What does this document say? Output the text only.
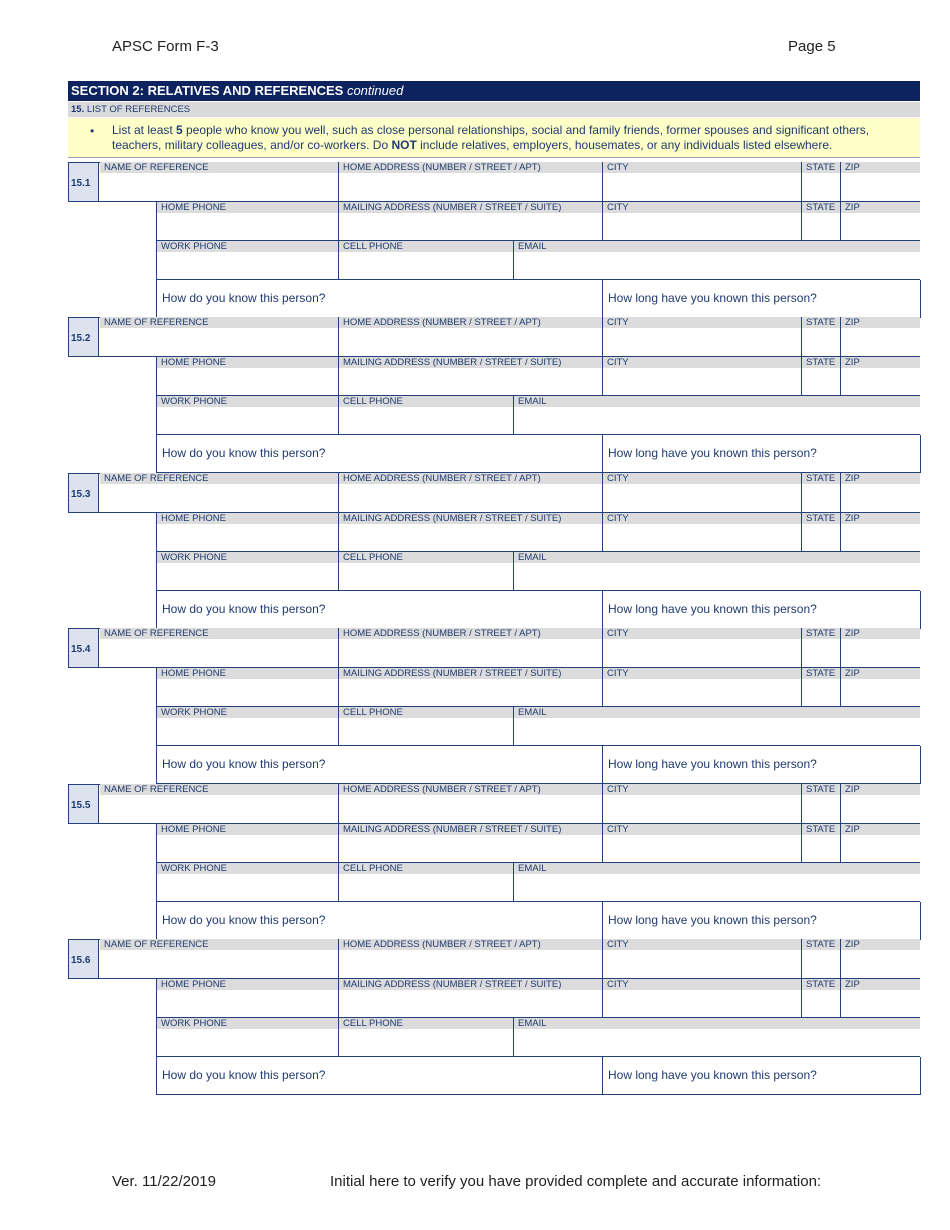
APSC Form F-3	Page 5
SECTION 2: RELATIVES AND REFERENCES continued
15. LIST OF REFERENCES
• List at least 5 people who know you well, such as close personal relationships, social and family friends, former spouses and significant others, teachers, military colleagues, and/or co-workers. Do NOT include relatives, employers, housemates, or any individuals listed elsewhere.
15.1
NAME OF REFERENCE	HOME ADDRESS (NUMBER / STREET / APT)	CITY	STATE	ZIP
HOME PHONE	MAILING ADDRESS (NUMBER / STREET / SUITE)	CITY	STATE	ZIP
WORK PHONE	CELL PHONE	EMAIL
How do you know this person?	How long have you known this person?
15.2
NAME OF REFERENCE	HOME ADDRESS (NUMBER / STREET / APT)	CITY	STATE	ZIP
HOME PHONE	MAILING ADDRESS (NUMBER / STREET / SUITE)	CITY	STATE	ZIP
WORK PHONE	CELL PHONE	EMAIL
How do you know this person?	How long have you known this person?
15.3
NAME OF REFERENCE	HOME ADDRESS (NUMBER / STREET / APT)	CITY	STATE	ZIP
HOME PHONE	MAILING ADDRESS (NUMBER / STREET / SUITE)	CITY	STATE	ZIP
WORK PHONE	CELL PHONE	EMAIL
How do you know this person?	How long have you known this person?
15.4
NAME OF REFERENCE	HOME ADDRESS (NUMBER / STREET / APT)	CITY	STATE	ZIP
HOME PHONE	MAILING ADDRESS (NUMBER / STREET / SUITE)	CITY	STATE	ZIP
WORK PHONE	CELL PHONE	EMAIL
How do you know this person?	How long have you known this person?
15.5
NAME OF REFERENCE	HOME ADDRESS (NUMBER / STREET / APT)	CITY	STATE	ZIP
HOME PHONE	MAILING ADDRESS (NUMBER / STREET / SUITE)	CITY	STATE	ZIP
WORK PHONE	CELL PHONE	EMAIL
How do you know this person?	How long have you known this person?
15.6
NAME OF REFERENCE	HOME ADDRESS (NUMBER / STREET / APT)	CITY	STATE	ZIP
HOME PHONE	MAILING ADDRESS (NUMBER / STREET / SUITE)	CITY	STATE	ZIP
WORK PHONE	CELL PHONE	EMAIL
How do you know this person?	How long have you known this person?
Ver. 11/22/2019	Initial here to verify you have provided complete and accurate information:
